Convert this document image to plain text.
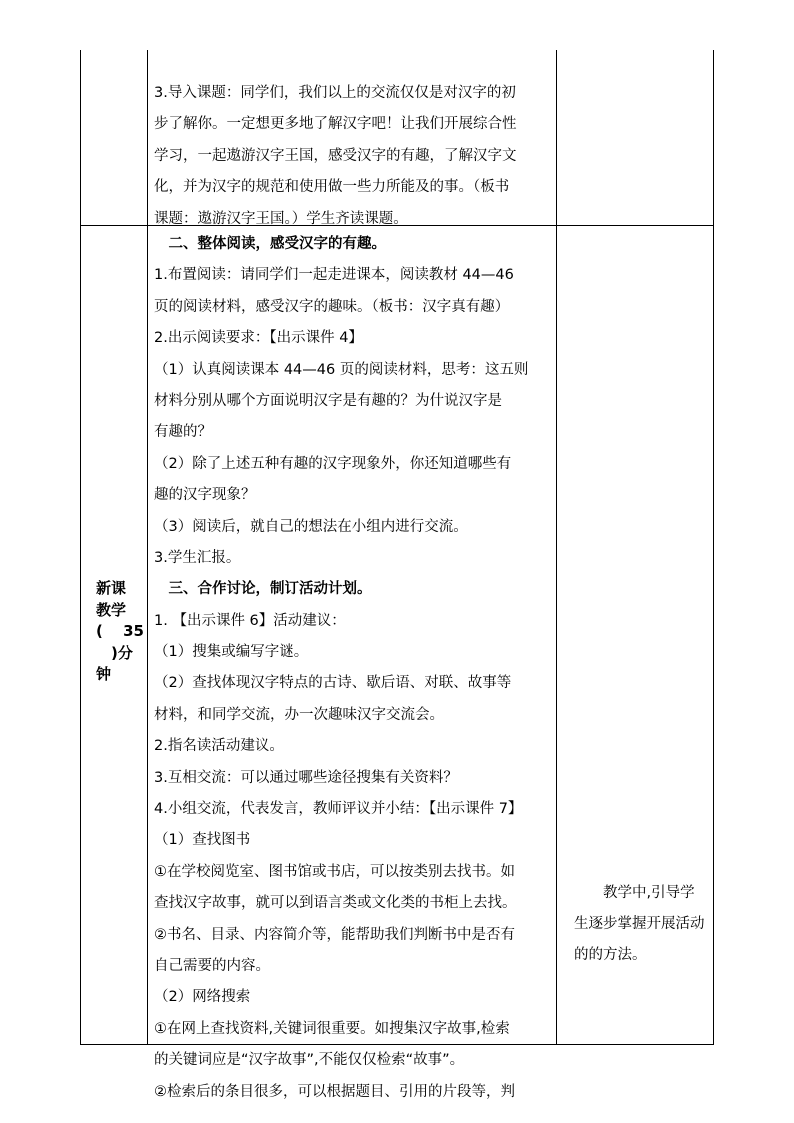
3.导入课题：同学们，我们以上的交流仅仅是对汉字的初
步了解你。一定想更多地了解汉字吧！让我们开展综合性
学习，一起遨游汉字王国，感受汉字的有趣，了解汉字文
化，并为汉字的规范和使用做一些力所能及的事。（板书
课题：遨游汉字王国。）学生齐读课题。
新课
教学
(　 35
　)分
钟
　二、整体阅读，感受汉字的有趣。
1.布置阅读：请同学们一起走进课本，阅读教材 44—46
页的阅读材料，感受汉字的趣味。（板书：汉字真有趣）
2.出示阅读要求：【出示课件 4】
（1）认真阅读课本 44—46 页的阅读材料，思考：这五则
材料分别从哪个方面说明汉字是有趣的？为什说汉字是
有趣的？
（2）除了上述五种有趣的汉字现象外，你还知道哪些有
趣的汉字现象？
（3）阅读后，就自己的想法在小组内进行交流。
3.学生汇报。
　三、合作讨论，制订活动计划。
1. 【出示课件 6】活动建议：
（1）搜集或编写字谜。
（2）查找体现汉字特点的古诗、歇后语、对联、故事等
材料，和同学交流，办一次趣味汉字交流会。
2.指名读活动建议。
3.互相交流：可以通过哪些途径搜集有关资料？
4.小组交流，代表发言，教师评议并小结：【出示课件 7】
（1）查找图书
①在学校阅览室、图书馆或书店，可以按类别去找书。如
查找汉字故事，就可以到语言类或文化类的书柜上去找。
②书名、目录、内容简介等，能帮助我们判断书中是否有
自己需要的内容。
（2）网络搜索
①在网上查找资料,关键词很重要。如搜集汉字故事,检索
的关键词应是“汉字故事”,不能仅仅检索“故事”。
②检索后的条目很多，可以根据题目、引用的片段等，判
　　教学中,引导学
生逐步掌握开展活动
的的方法。
